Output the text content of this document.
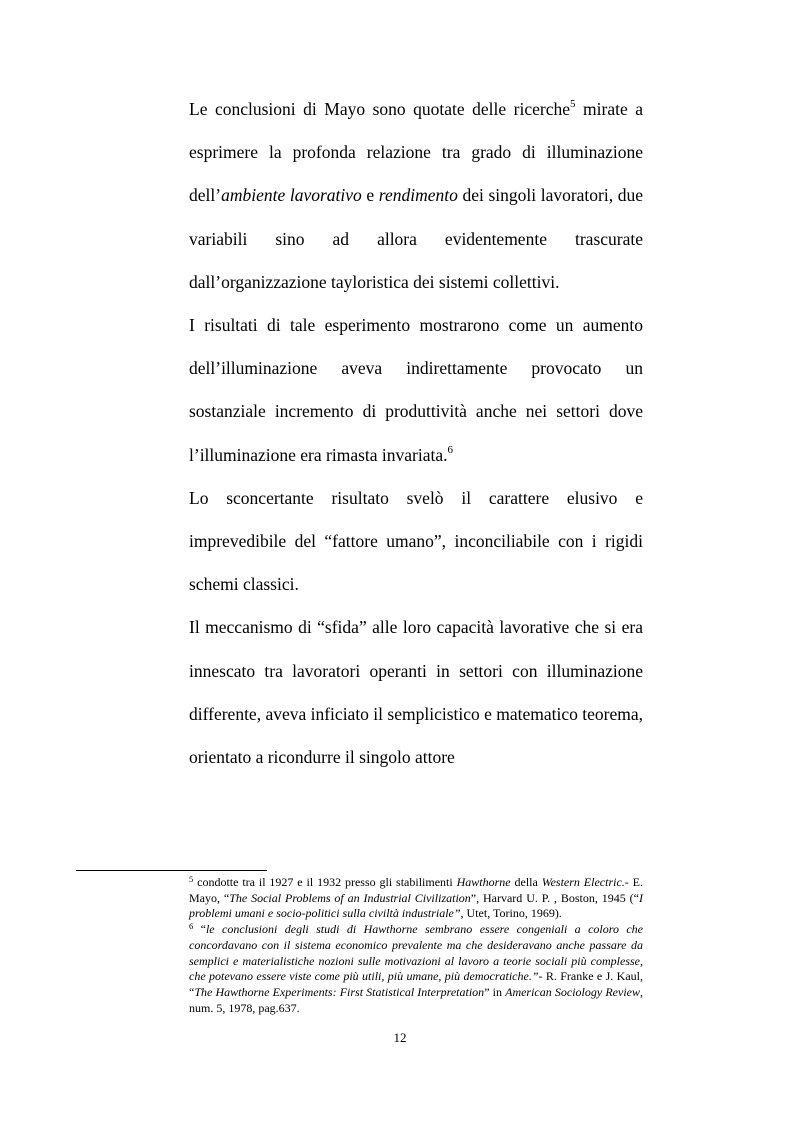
Le conclusioni di Mayo sono quotate delle ricerche$^5$ mirate a esprimere la profonda relazione tra grado di illuminazione dell’ambiente lavorativo e rendimento dei singoli lavoratori, due variabili sino ad allora evidentemente trascurate dall’organizzazione tayloristica dei sistemi collettivi.

I risultati di tale esperimento mostrarono come un aumento dell’illuminazione aveva indirettamente provocato un sostanziale incremento di produttività anche nei settori dove l’illuminazione era rimasta invariata.$^6$

Lo sconcertante risultato svelò il carattere elusivo e imprevedibile del “fattore umano”, inconciliabile con i rigidi schemi classici.

Il meccanismo di “sfida” alle loro capacità lavorative che si era innescato tra lavoratori operanti in settori con illuminazione differente, aveva inficiato il semplicistico e matematico teorema, orientato a ricondurre il singolo attore

$^5$ condotte tra il 1927 e il 1932 presso gli stabilimenti Hawthorne della Western Electric.- E. Mayo, “The Social Problems of an Industrial Civilization”, Harvard U. P. , Boston, 1945 (“I problemi umani e socio-politici sulla civiltà industriale”, Utet, Torino, 1969).

$^6$ “le conclusioni degli studi di Hawthorne sembrano essere congeniali a coloro che concordavano con il sistema economico prevalente ma che desideravano anche passare da semplici e materialistiche nozioni sulle motivazioni al lavoro a teorie sociali più complesse, che potevano essere viste come più utili, più umane, più democratiche.”- R. Franke e J. Kaul, “The Hawthorne Experiments: First Statistical Interpretation” in American Sociology Review, num. 5, 1978, pag.637.

12
